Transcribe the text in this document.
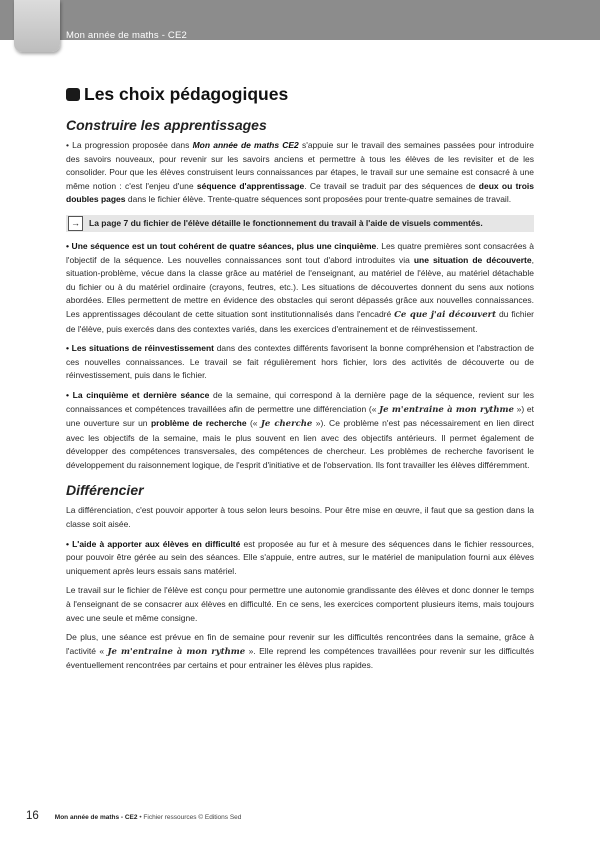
Mon année de maths - CE2
Les choix pédagogiques
Construire les apprentissages

• La progression proposée dans Mon année de maths CE2 s'appuie sur le travail des semaines passées pour introduire des savoirs nouveaux, pour revenir sur les savoirs anciens et permettre à tous les élèves de les revisiter et de les consolider. Pour que les élèves construisent leurs connaissances par étapes, le travail sur une semaine est consacré à une même notion : c'est l'enjeu d'une séquence d'apprentissage. Ce travail se traduit par des séquences de deux ou trois doubles pages dans le fichier élève. Trente-quatre séquences sont proposées pour trente-quatre semaines de travail.

→	La page 7 du fichier de l'élève détaille le fonctionnement du travail à l'aide de visuels commentés.

• Une séquence est un tout cohérent de quatre séances, plus une cinquième. Les quatre premières sont consacrées à l'objectif de la séquence. Les nouvelles connaissances sont tout d'abord introduites via une situation de découverte, situation-problème, vécue dans la classe grâce au matériel de l'enseignant, au matériel de l'élève, au matériel détachable du fichier ou à du matériel ordinaire (crayons, feutres, etc.). Les situations de découvertes donnent du sens aux notions abordées. Elles permettent de mettre en évidence des obstacles qui seront dépassés grâce aux nouvelles connaissances. Les apprentissages découlant de cette situation sont institutionnalisés dans l'encadré Ce que j'ai découvert du fichier de l'élève, puis exercés dans des contextes variés, dans les exercices d'entrainement et de réinvestissement.

• Les situations de réinvestissement dans des contextes différents favorisent la bonne compréhension et l'abstraction de ces nouvelles connaissances. Le travail se fait régulièrement hors fichier, lors des activités de découverte ou de réinvestissement, puis dans le fichier.

• La cinquième et dernière séance de la semaine, qui correspond à la dernière page de la séquence, revient sur les connaissances et compétences travaillées afin de permettre une différenciation (« Je m'entraine à mon rythme ») et une ouverture sur un problème de recherche (« Je cherche »). Ce problème n'est pas nécessairement en lien direct avec les objectifs de la semaine, mais le plus souvent en lien avec des objectifs antérieurs. Il permet également de développer des compétences transversales, des compétences de chercheur. Les problèmes de recherche favorisent le développement du raisonnement logique, de l'esprit d'initiative et de l'observation. Ils font travailler les élèves différemment.

Différencier

La différenciation, c'est pouvoir apporter à tous selon leurs besoins. Pour être mise en œuvre, il faut que sa gestion dans la classe soit aisée.

• L'aide à apporter aux élèves en difficulté est proposée au fur et à mesure des séquences dans le fichier ressources, pour pouvoir être gérée au sein des séances. Elle s'appuie, entre autres, sur le matériel de manipulation fourni aux élèves uniquement après leurs essais sans matériel.

Le travail sur le fichier de l'élève est conçu pour permettre une autonomie grandissante des élèves et donc donner le temps à l'enseignant de se consacrer aux élèves en difficulté. En ce sens, les exercices comportent plusieurs items, mais toujours avec une seule et même consigne.

De plus, une séance est prévue en fin de semaine pour revenir sur les difficultés rencontrées dans la semaine, grâce à l'activité « Je m'entraine à mon rythme ». Elle reprend les compétences travaillées pour revenir sur les difficultés éventuellement rencontrées par certains et pour entrainer les élèves plus rapides.

16 Mon année de maths - CE2 • Fichier ressources © Editions Sed
